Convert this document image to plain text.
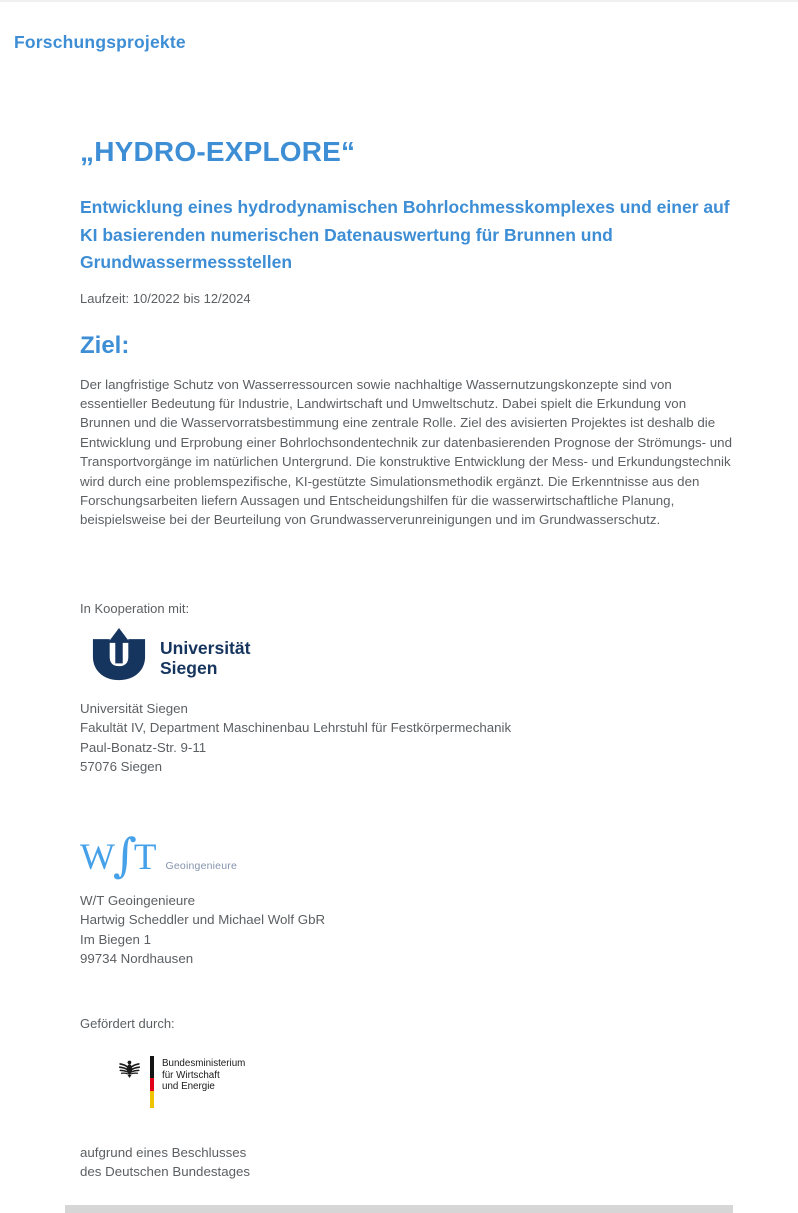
Forschungsprojekte
„HYDRO-EXPLORE“
Entwicklung eines hydrodynamischen Bohrlochmesskomplexes und einer auf KI basierenden numerischen Datenauswertung für Brunnen und Grundwassermessstellen

Laufzeit: 10/2022 bis 12/2024

Ziel:

Der langfristige Schutz von Wasserressourcen sowie nachhaltige Wassernutzungskonzepte sind von essentieller Bedeutung für Industrie, Landwirtschaft und Umweltschutz. Dabei spielt die Erkundung von Brunnen und die Wasservorratsbestimmung eine zentrale Rolle. Ziel des avisierten Projektes ist deshalb die Entwicklung und Erprobung einer Bohrlochsondentechnik zur datenbasierenden Prognose der Strömungs- und Transportvorgänge im natürlichen Untergrund. Die konstruktive Entwicklung der Mess- und Erkundungstechnik wird durch eine problemspezifische, KI-gestützte Simulationsmethodik ergänzt. Die Erkenntnisse aus den Forschungsarbeiten liefern Aussagen und Entscheidungshilfen für die wasserwirtschaftliche Planung, beispielsweise bei der Beurteilung von Grundwasserverunreinigungen und im Grundwasserschutz.

In Kooperation mit:

Universität
Siegen
Universität Siegen
Fakultät IV, Department Maschinenbau Lehrstuhl für Festkörpermechanik
Paul-Bonatz-Str. 9-11
57076 Siegen
W
∫
T Geoingenieure
W/T Geoingenieure
Hartwig Scheddler und Michael Wolf GbR
Im Biegen 1
99734 Nordhausen

Gefördert durch:

Bundesministerium
für Wirtschaft
und Energie
aufgrund eines Beschlusses
des Deutschen Bundestages
